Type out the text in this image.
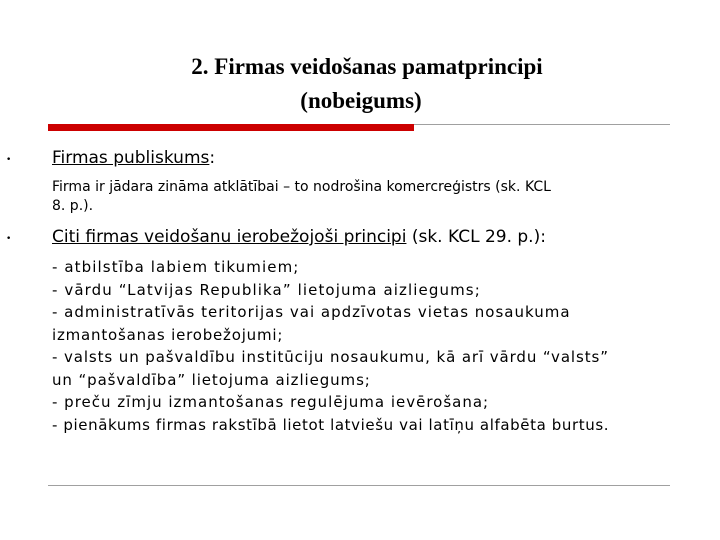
2. Firmas veidošanas pamatprincipi
(nobeigums)
• Firmas publiskums:
Firma ir jādara zināma atklātībai – to nodrošina komercreģistrs (sk. KCL
8. p.).
• Citi firmas veidošanu ierobežojoši principi (sk. KCL 29. p.):
- atbilstība labiem tikumiem;
- vārdu “Latvijas Republika” lietojuma aizliegums;
- administratīvās teritorijas vai apdzīvotas vietas nosaukuma
izmantošanas ierobežojumi;
- valsts un pašvaldību institūciju nosaukumu, kā arī vārdu “valsts”
un “pašvaldība” lietojuma aizliegums;
- preču zīmju izmantošanas regulējuma ievērošana;
- pienākums firmas rakstībā lietot latviešu vai latīņu alfabēta burtus.
